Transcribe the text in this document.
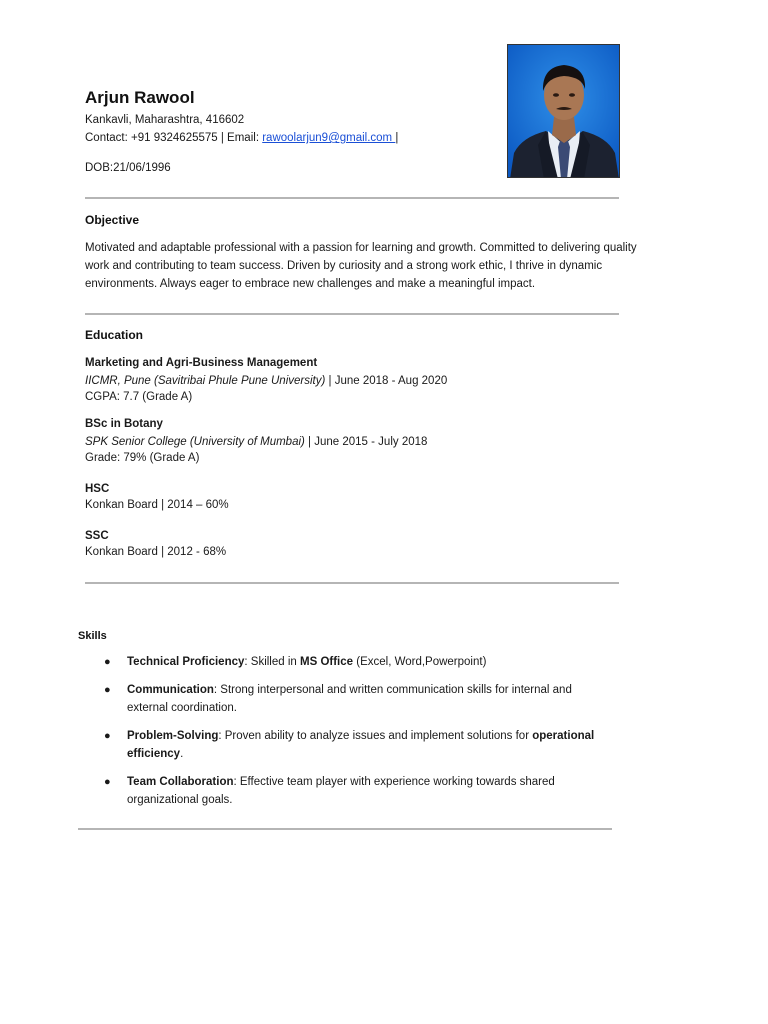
Arjun Rawool
Kankavli, Maharashtra, 416602
Contact: +91 9324625575 | Email: rawoolarjun9@gmail.com |
DOB:21/06/1996
Objective
Motivated and adaptable professional with a passion for learning and growth. Committed to delivering quality work and contributing to team success. Driven by curiosity and a strong work ethic, I thrive in dynamic environments. Always eager to embrace new challenges and make a meaningful impact.
Education
Marketing and Agri-Business Management
IICMR, Pune (Savitribai Phule Pune University) | June 2018 - Aug 2020
CGPA: 7.7 (Grade A)
BSc in Botany
SPK Senior College (University of Mumbai) | June 2015 - July 2018
Grade: 79% (Grade A)
HSC
Konkan Board | 2014 – 60%
SSC
Konkan Board | 2012 - 68%
Skills
● Technical Proficiency: Skilled in MS Office (Excel, Word,Powerpoint)
● Communication: Strong interpersonal and written communication skills for internal and external coordination.
● Problem-Solving: Proven ability to analyze issues and implement solutions for operational efficiency.
● Team Collaboration: Effective team player with experience working towards shared organizational goals.
